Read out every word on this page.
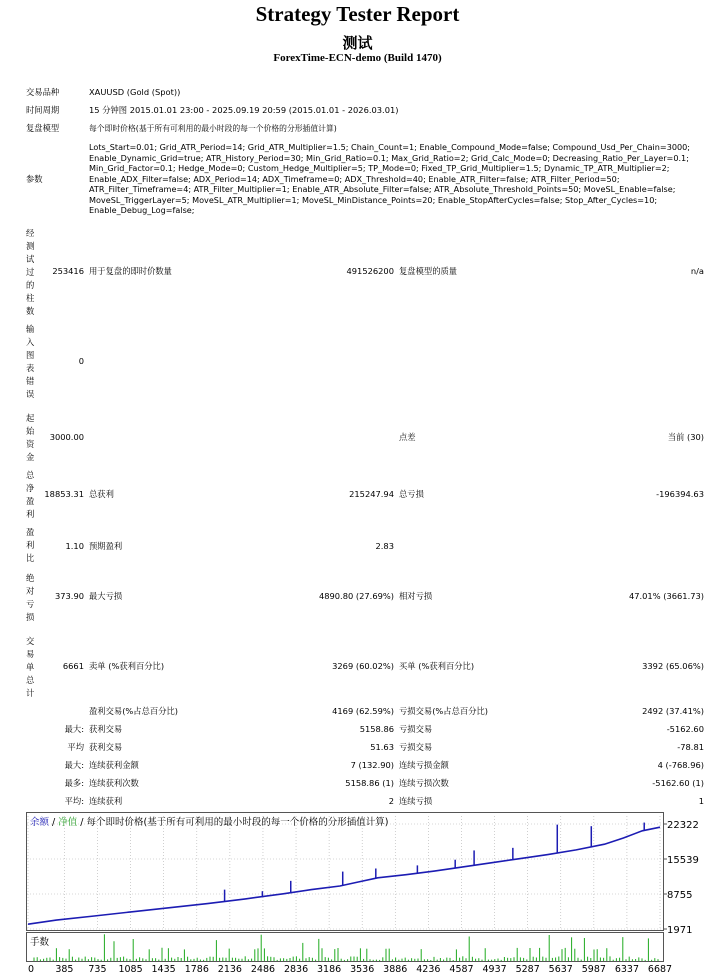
Strategy Tester Report
测试
ForexTime-ECN-demo (Build 1470)
交易品种	XAUUSD (Gold (Spot))
时间周期	15 分钟图 2015.01.01 23:00 - 2025.09.19 20:59 (2015.01.01 - 2026.03.01)
复盘模型	每个即时价格(基于所有可利用的最小时段的每一个价格的分形插值计算)
参数
Lots_Start=0.01; Grid_ATR_Period=14; Grid_ATR_Multiplier=1.5; Chain_Count=1; Enable_Compound_Mode=false; Compound_Usd_Per_Chain=3000; Enable_Dynamic_Grid=true; ATR_History_Period=30; Min_Grid_Ratio=0.1; Max_Grid_Ratio=2; Grid_Calc_Mode=0; Decreasing_Ratio_Per_Layer=0.1; Min_Grid_Factor=0.1; Hedge_Mode=0; Custom_Hedge_Multiplier=5; TP_Mode=0; Fixed_TP_Grid_Multiplier=1.5; Dynamic_TP_ATR_Multiplier=2; Enable_ADX_Filter=false; ADX_Period=14; ADX_Timeframe=0; ADX_Threshold=40; Enable_ATR_Filter=false; ATR_Filter_Period=50; ATR_Filter_Timeframe=4; ATR_Filter_Multiplier=1; Enable_ATR_Absolute_Filter=false; ATR_Absolute_Threshold_Points=50; MoveSL_Enable=false; MoveSL_TriggerLayer=5; MoveSL_ATR_Multiplier=1; MoveSL_MinDistance_Points=20; Enable_StopAfterCycles=false; Stop_After_Cycles=10; Enable_Debug_Log=false;
经测试过的柱数
253416 用于复盘的即时价数量	491526200 复盘模型的质量	n/a
输入图表错误
0
起始资金
3000.00	点差	当前 (30)
总净盈利
18853.31 总获利	215247.94 总亏损	-196394.63
盈利比
1.10 预期盈利	2.83
绝对亏损
373.90 最大亏损	4890.80 (27.69%) 相对亏损	47.01% (3661.73)
交易单总计
6661 卖单 (%获利百分比)	3269 (60.02%) 买单 (%获利百分比)	3392 (65.06%)
盈利交易(%占总百分比)	4169 (62.59%) 亏损交易(%占总百分比)	2492 (37.41%)
最大: 获利交易	5158.86 亏损交易	-5162.60
平均 获利交易	51.63 亏损交易	-78.81
最大: 连续获利金额	7 (132.90) 连续亏损金额	4 (-768.96)
最多: 连续获利次数	5158.86 (1) 连续亏损次数	-5162.60 (1)
平均: 连续获利	2 连续亏损	1
余额 / 净值 / 每个即时价格(基于所有可利用的最小时段的每一个价格的分形插值计算)	22322
15539
8755
1971
手数
0 385 735 1085 1435 1786 2136 2486 2836 3186 3536 3886 4236 4587 4937 5287 5637 5987 6337 6687
